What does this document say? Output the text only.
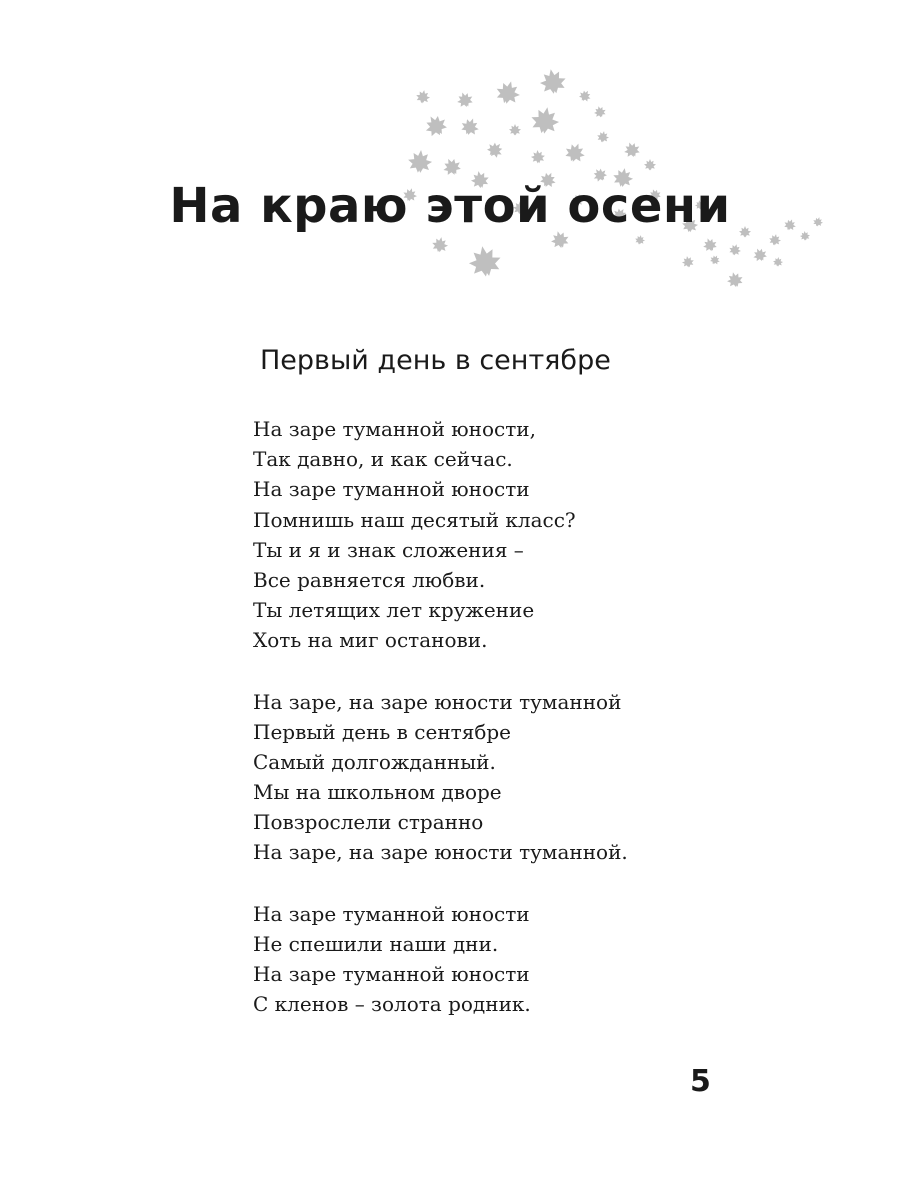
На краю этой осени
Первый день в сентябре
На заре туманной юности,
Так давно, и как сейчас.
На заре туманной юности
Помнишь наш десятый класс?
Ты и я и знак сложения –
Все равняется любви.
Ты летящих лет кружение
Хоть на миг останови.
На заре, на заре юности туманной
Первый день в сентябре
Самый долгожданный.
Мы на школьном дворе
Повзрослели странно
На заре, на заре юности туманной.
На заре туманной юности
Не спешили наши дни.
На заре туманной юности
С кленов – золота родник.
5
